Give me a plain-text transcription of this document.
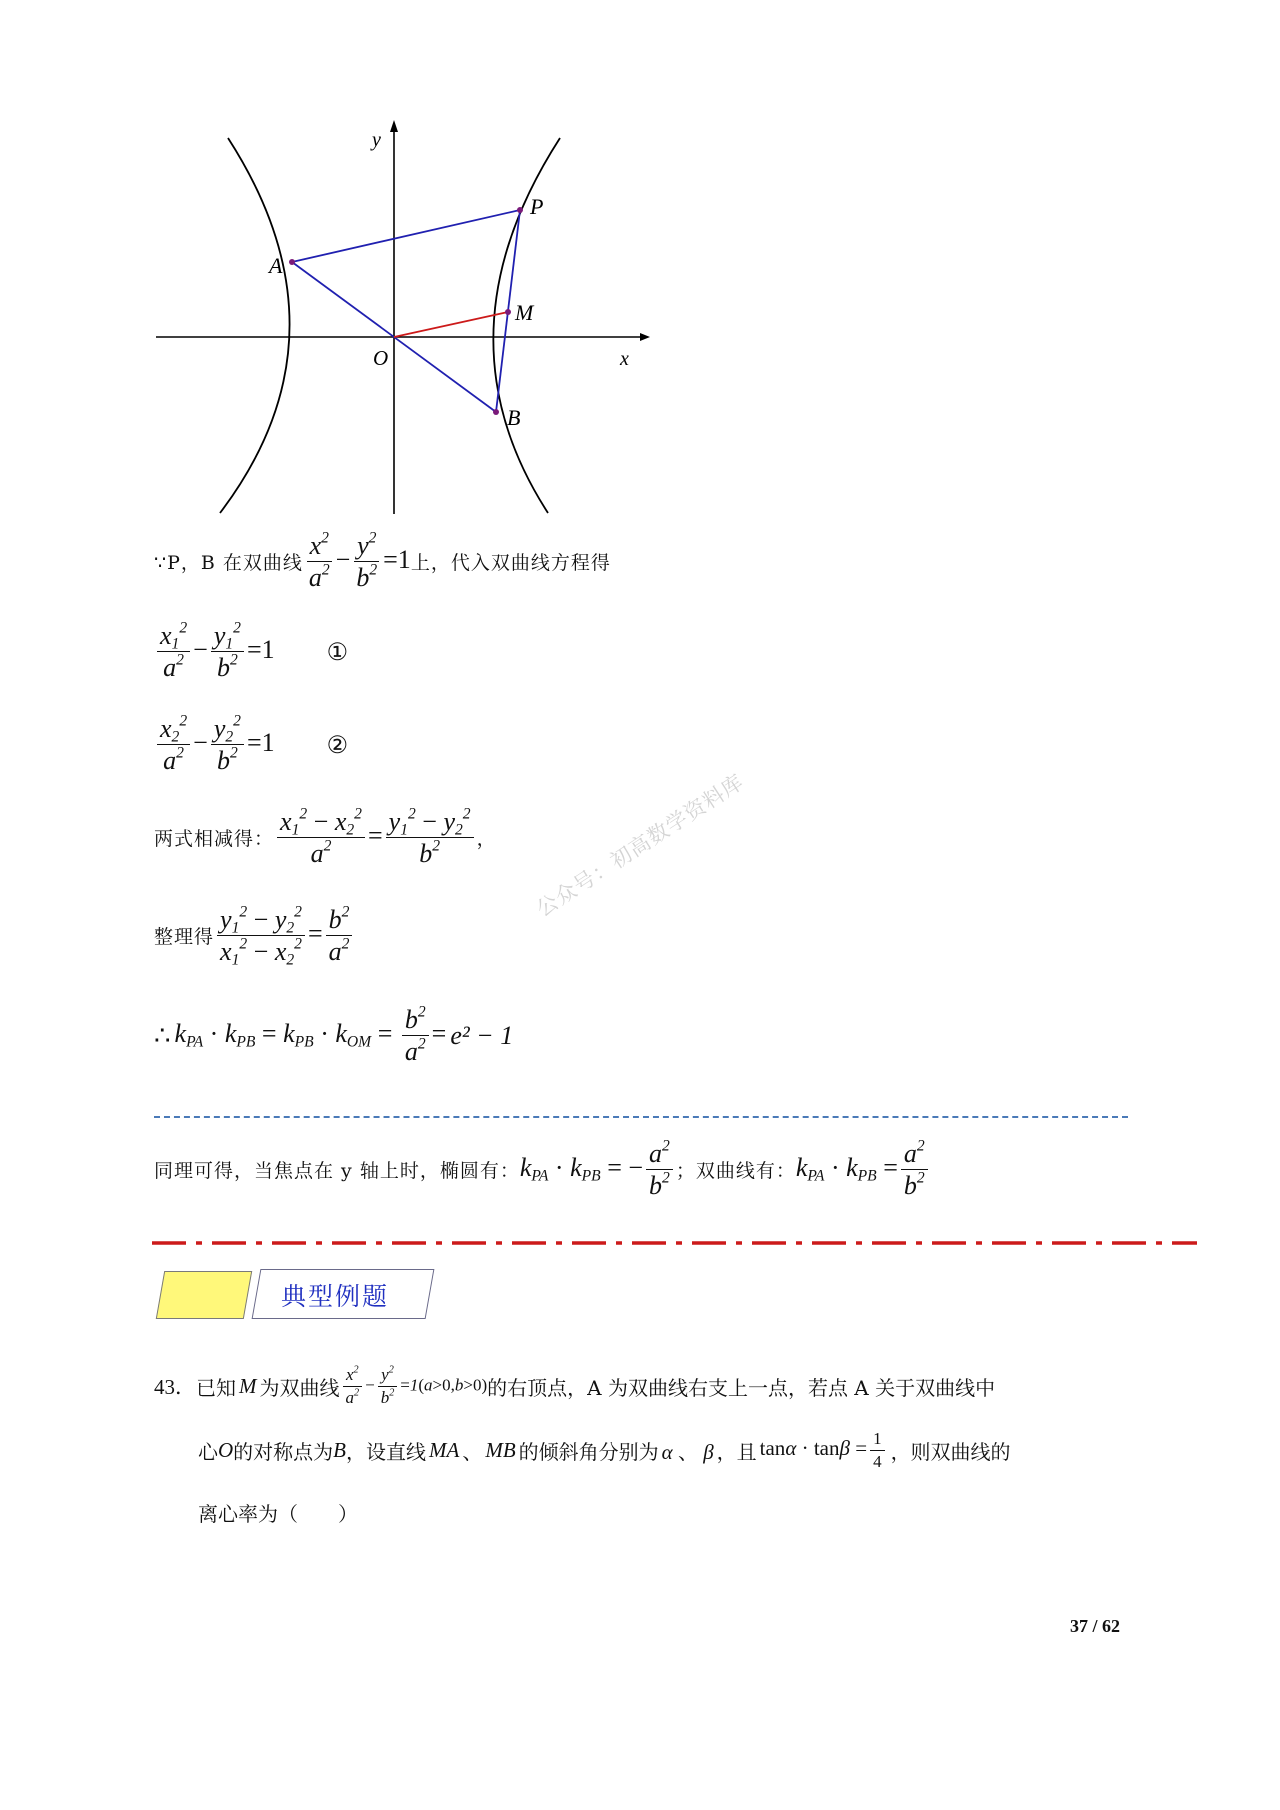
y
x
O
P
A
M
B
∵P，B 在双曲线 $\frac{x^2}{a^2} - \frac{y^2}{b^2} =1$ 上，代入双曲线方程得
$\frac{x_1^2}{a^2} - \frac{y_1^2}{b^2} =1$ ①
$\frac{x_2^2}{a^2} - \frac{y_2^2}{b^2} =1$ ②
两式相减得： $\frac{x_1^2 - x_2^2}{a^2} = \frac{y_1^2 - y_2^2}{b^2}$ ，
整理得 $\frac{y_1^2 - y_2^2}{x_1^2 - x_2^2} = \frac{b^2}{a^2}$
∴ $k_{PA} \cdot k_{PB} = k_{PB} \cdot k_{OM} = \frac{b^2}{a^2} = e^2 - 1$
同理可得，当焦点在 y 轴上时，椭圆有： $k_{PA} \cdot k_{PB}$ = − $\frac{a^2}{b^2}$ ；双曲线有： $k_{PA} \cdot k_{PB} = \frac{a^2}{b^2}$
典型例题
43． 已知 M 为双曲线 $\frac{x^2}{a^2} - \frac{y^2}{b^2} =1(a>0,b>0)$ 的右顶点， A 为双曲线右支上一点，若点 A 关于双曲线中
心 O 的对称点为 B ，设直线 MA 、 MB 的倾斜角分别为 α 、 β ，且 $\tan\alpha \cdot \tan\beta = \frac{1}{4}$ ，则双曲线的
离心率为（　　）
公众号：初高数学资料库
37 / 62
